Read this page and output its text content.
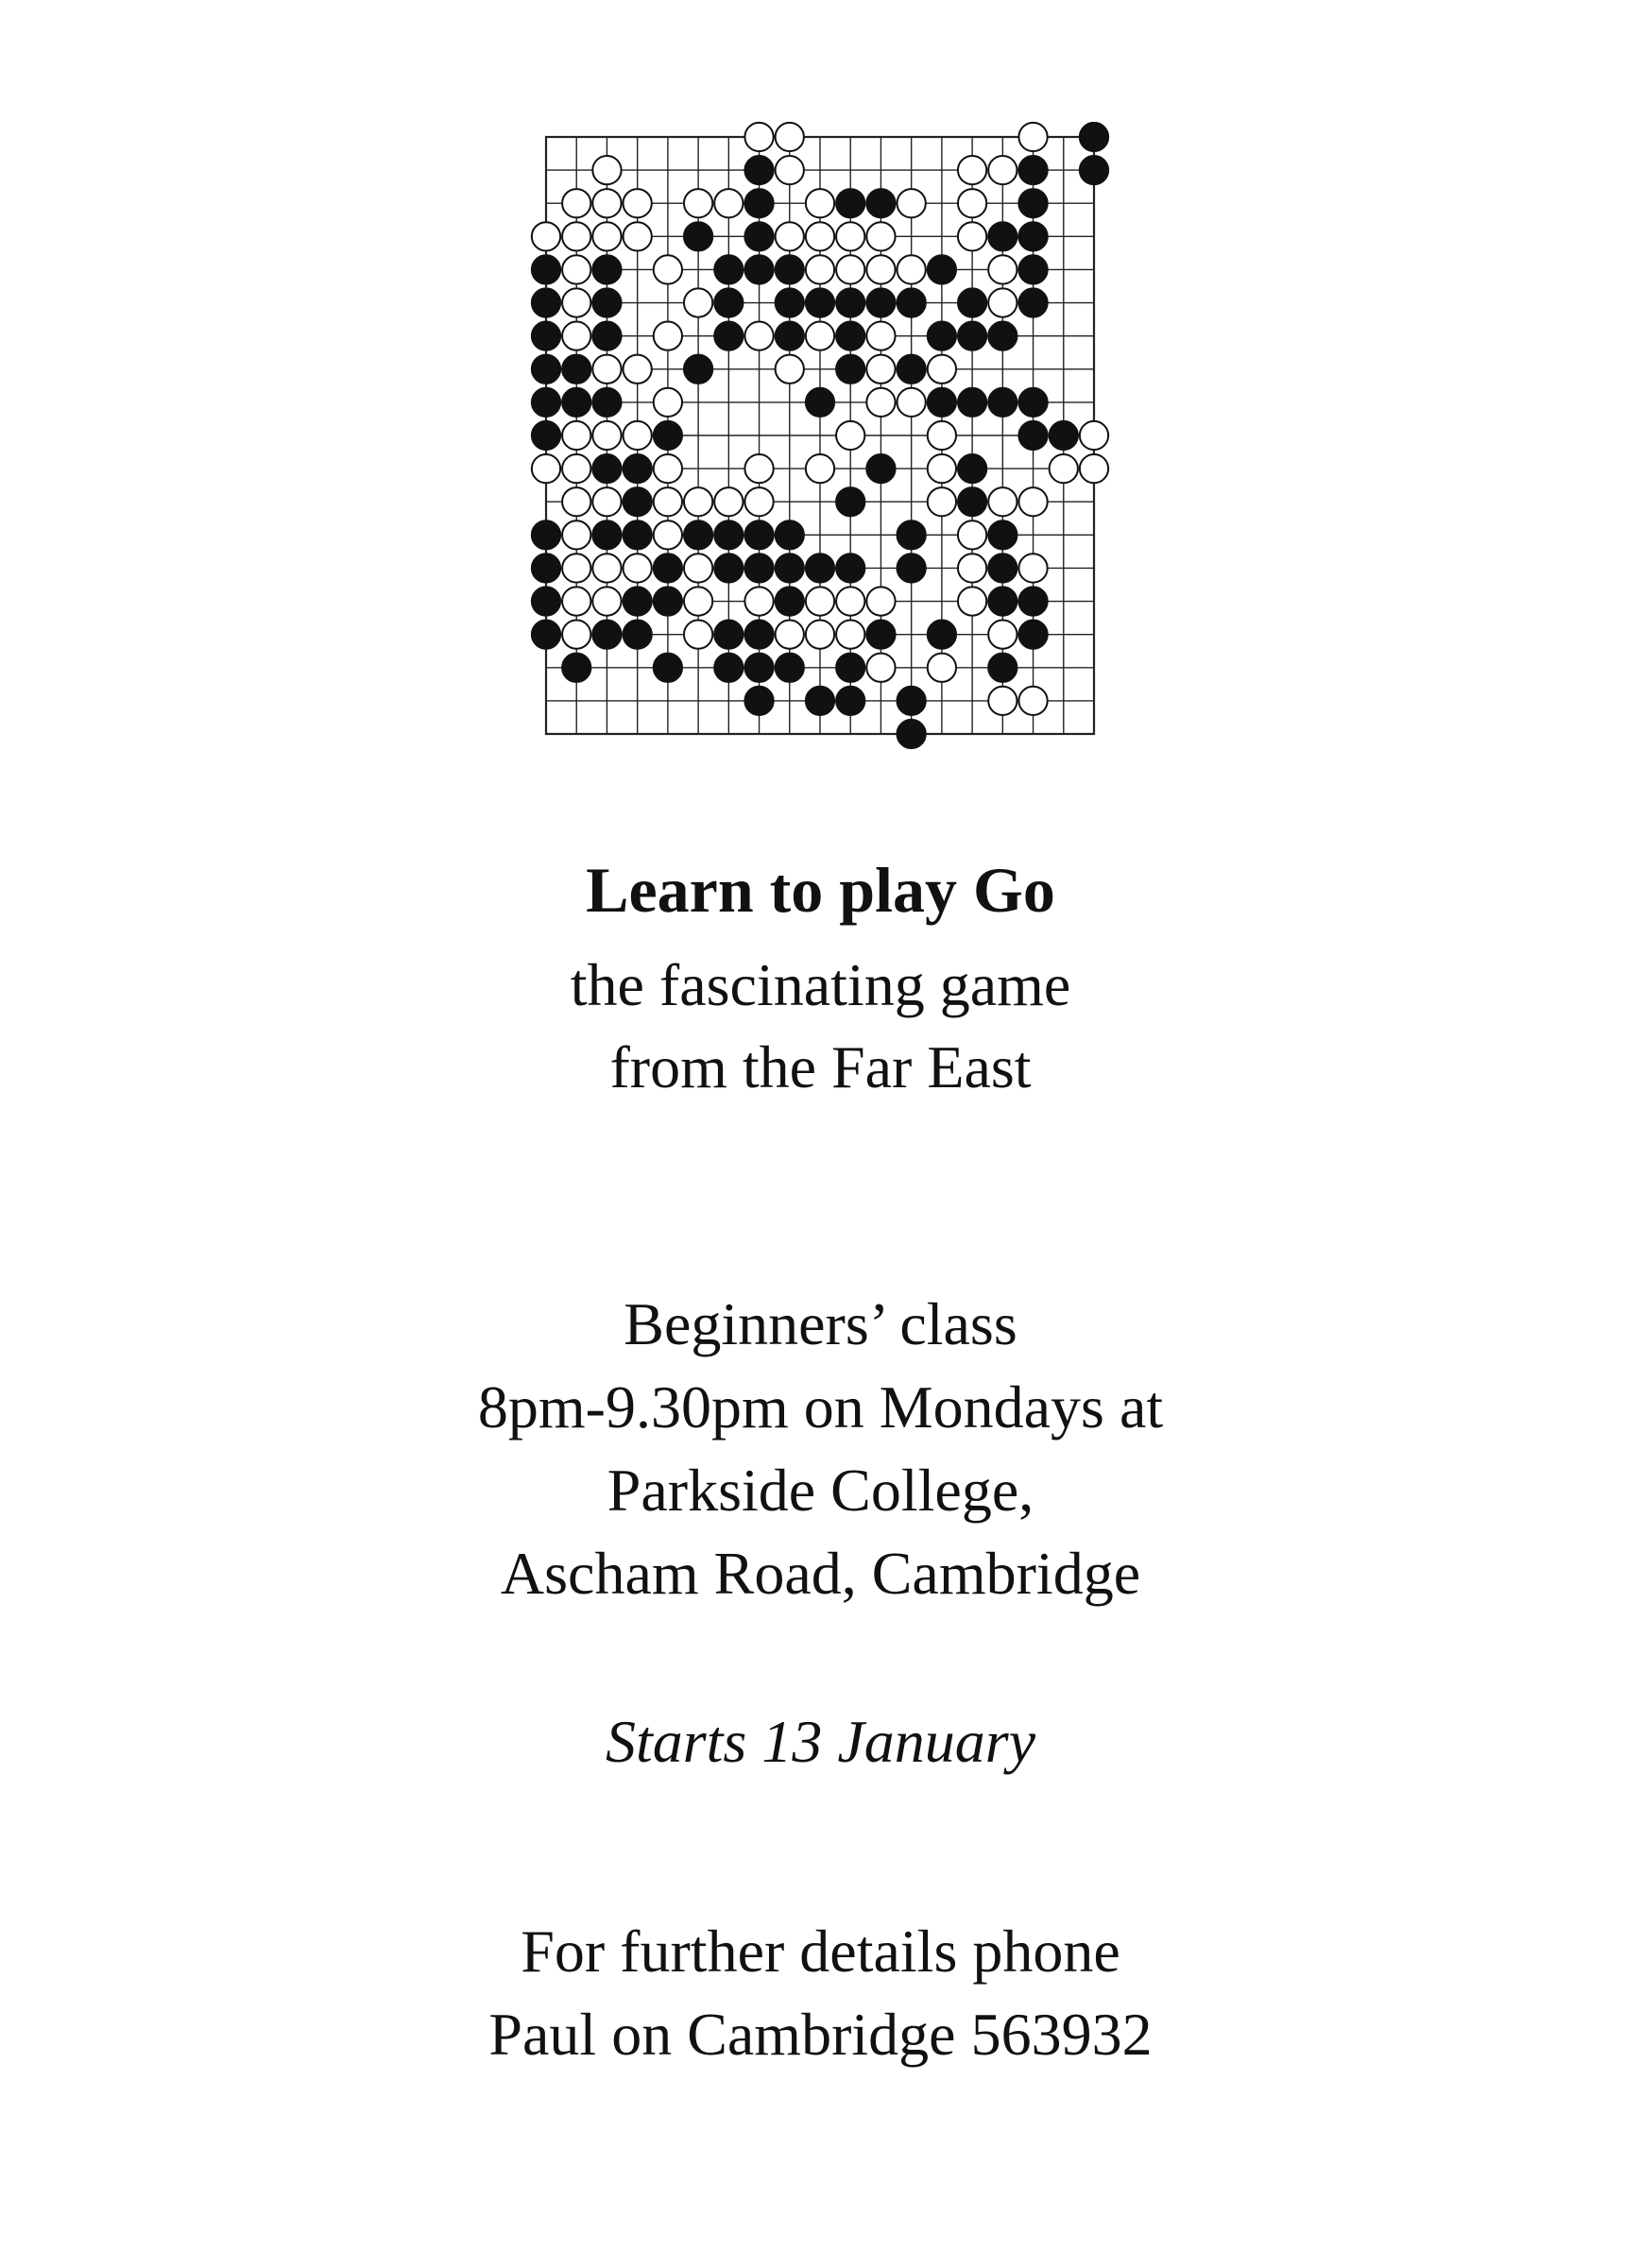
Learn to play Go
the fascinating game
from the Far East
Beginners’ class
8pm-9.30pm on Mondays at
Parkside College,
Ascham Road, Cambridge
Starts 13 January
For further details phone
Paul on Cambridge 563932
